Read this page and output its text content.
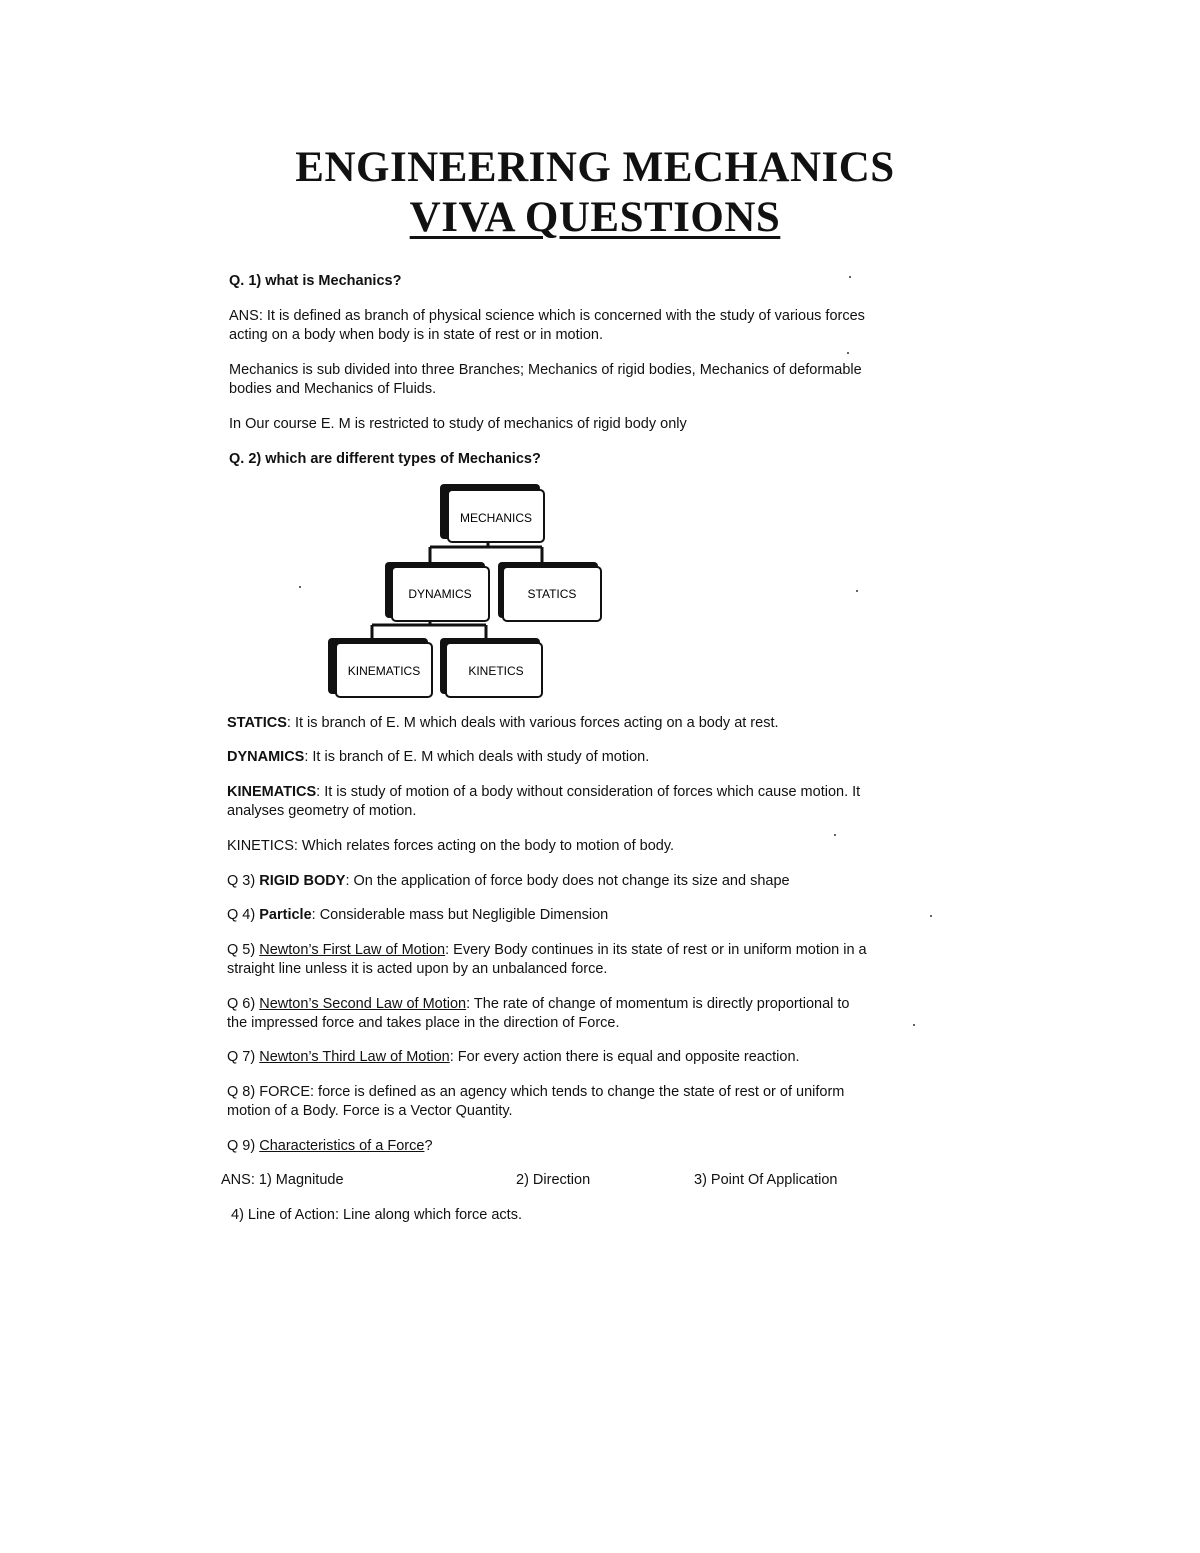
ENGINEERING MECHANICS
VIVA QUESTIONS
Q. 1) what is Mechanics?
ANS: It is defined as branch of physical science which is concerned with the study of various forces
acting on a body when body is in state of rest or in motion.
Mechanics is sub divided into three Branches; Mechanics of rigid bodies, Mechanics of deformable
bodies and Mechanics of Fluids.
In Our course E. M is restricted to study of mechanics of rigid body only
Q. 2) which are different types of Mechanics?
MECHANICS
DYNAMICS	STATICS
KINEMATICS	KINETICS
STATICS: It is branch of E. M which deals with various forces acting on a body at rest.
DYNAMICS: It is branch of E. M which deals with study of motion.
KINEMATICS: It is study of motion of a body without consideration of forces which cause motion. It
analyses geometry of motion.
KINETICS: Which relates forces acting on the body to motion of body.
Q 3) RIGID BODY: On the application of force body does not change its size and shape
Q 4) Particle: Considerable mass but Negligible Dimension
Q 5) Newton’s First Law of Motion: Every Body continues in its state of rest or in uniform motion in a
straight line unless it is acted upon by an unbalanced force.
Q 6) Newton’s Second Law of Motion: The rate of change of momentum is directly proportional to
the impressed force and takes place in the direction of Force.
Q 7) Newton’s Third Law of Motion: For every action there is equal and opposite reaction.
Q 8) FORCE: force is defined as an agency which tends to change the state of rest or of uniform
motion of a Body. Force is a Vector Quantity.
Q 9) Characteristics of a Force?
ANS: 1) Magnitude	2) Direction	3) Point Of Application
4) Line of Action: Line along which force acts.
